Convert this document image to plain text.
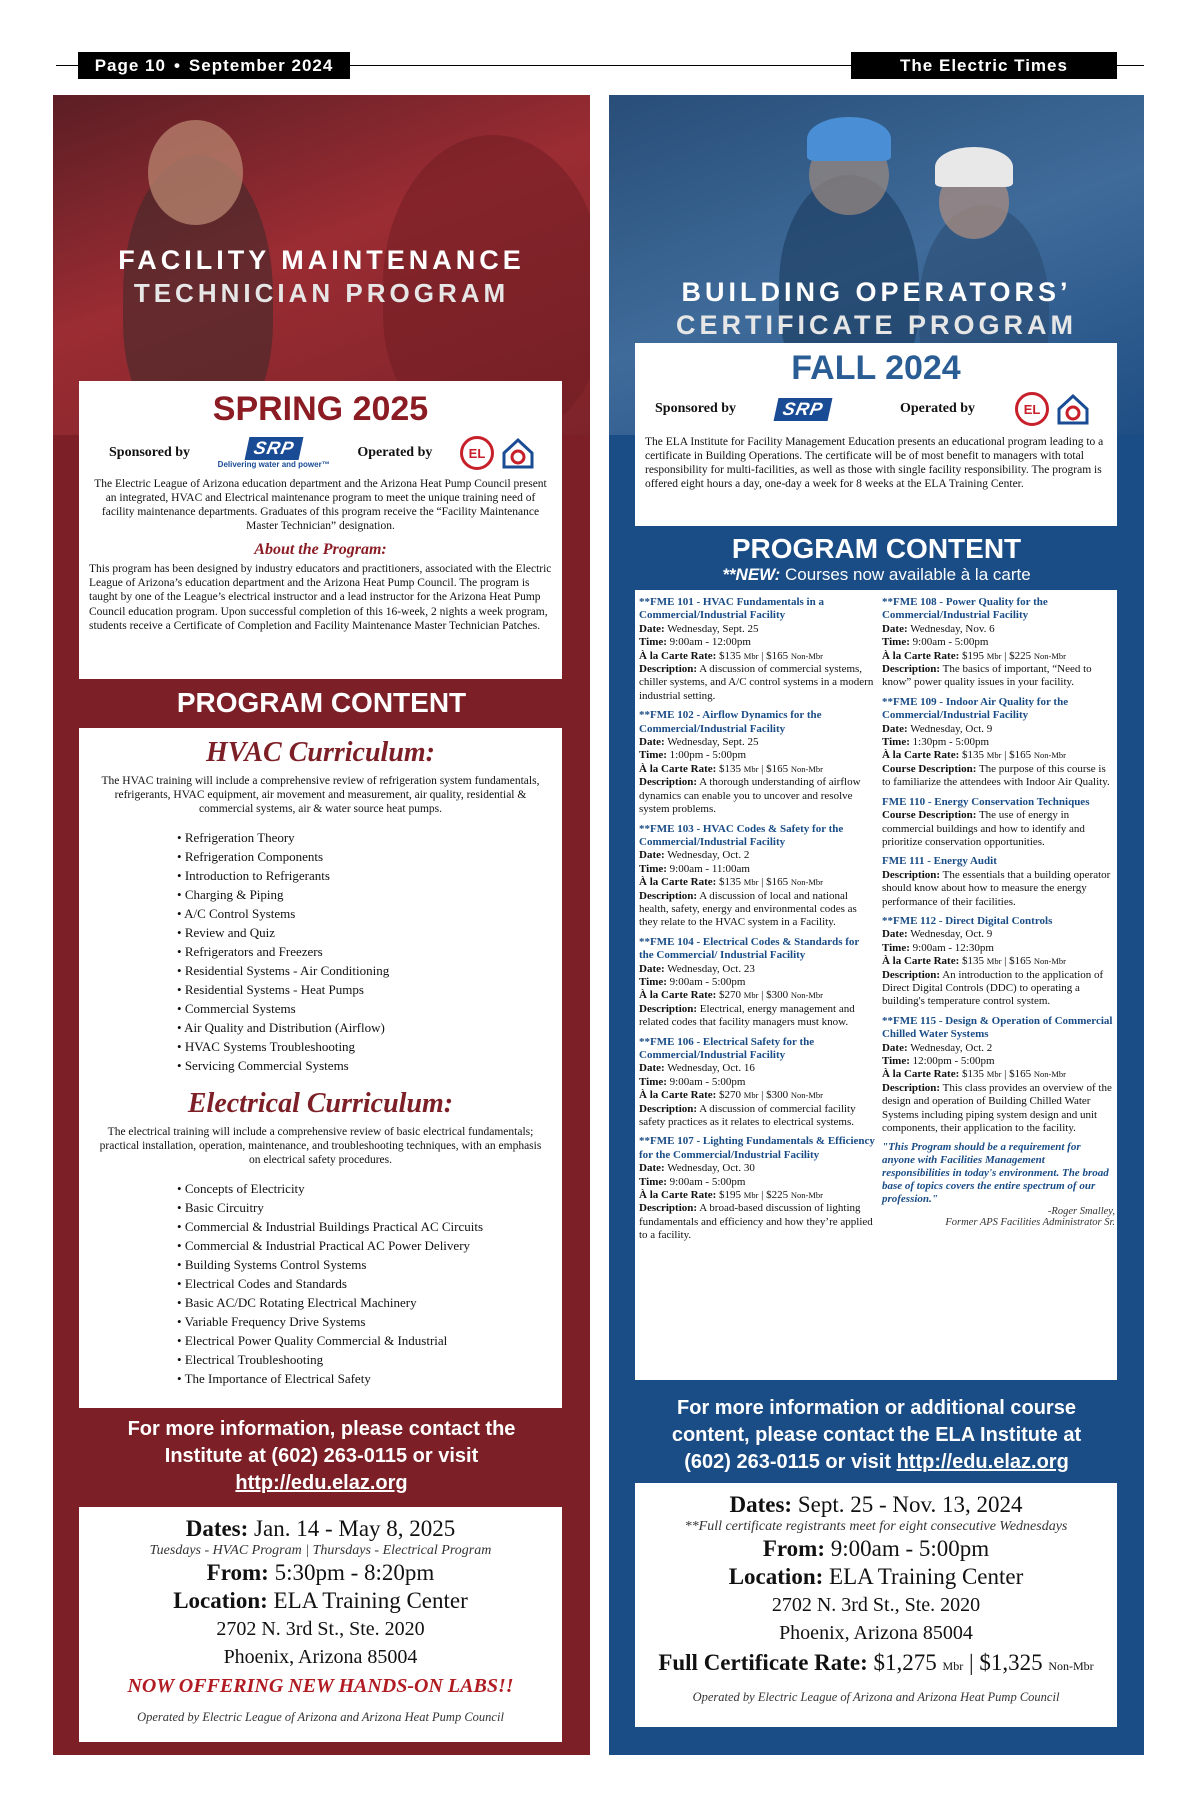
Page 10 • September 2024	The Electric Times
FACILITY MAINTENANCE
TECHNICIAN PROGRAM
SPRING 2025
Sponsored by	SRP
Delivering water and power™
Operated by	EL

The Electric League of Arizona education department and the Arizona Heat Pump Council present an integrated, HVAC and Electrical maintenance program to meet the unique training need of facility maintenance departments. Graduates of this program receive the “Facility Maintenance Master Technician” designation.

About the Program:

This program has been designed by industry educators and practitioners, associated with the Electric League of Arizona’s education department and the Arizona Heat Pump Council. The program is taught by one of the League’s electrical instructor and a lead instructor for the Arizona Heat Pump Council education program. Upon successful completion of this 16-week, 2 nights a week program, students receive a Certificate of Completion and Facility Maintenance Master Technician Patches.

PROGRAM CONTENT
HVAC Curriculum:

The HVAC training will include a comprehensive review of refrigeration system fundamentals, refrigerants, HVAC equipment, air movement and measurement, air quality, residential & commercial systems, air & water source heat pumps.

• Refrigeration Theory
• Refrigeration Components
• Introduction to Refrigerants
• Charging & Piping
• A/C Control Systems
• Review and Quiz
• Refrigerators and Freezers
• Residential Systems - Air Conditioning
• Residential Systems - Heat Pumps
• Commercial Systems
• Air Quality and Distribution (Airflow)
• HVAC Systems Troubleshooting
• Servicing Commercial Systems
Electrical Curriculum:

The electrical training will include a comprehensive review of basic electrical fundamentals; practical installation, operation, maintenance, and troubleshooting techniques, with an emphasis on electrical safety procedures.

• Concepts of Electricity
• Basic Circuitry
• Commercial & Industrial Buildings Practical AC Circuits
• Commercial & Industrial Practical AC Power Delivery
• Building Systems Control Systems
• Electrical Codes and Standards
• Basic AC/DC Rotating Electrical Machinery
• Variable Frequency Drive Systems
• Electrical Power Quality Commercial & Industrial
• Electrical Troubleshooting
• The Importance of Electrical Safety
For more information, please contact the
Institute at (602) 263-0115 or visit
http://edu.elaz.org
Dates: Jan. 14 - May 8, 2025
Tuesdays - HVAC Program | Thursdays - Electrical Program
From: 5:30pm - 8:20pm
Location: ELA Training Center
2702 N. 3rd St., Ste. 2020
Phoenix, Arizona 85004
NOW OFFERING NEW HANDS-ON LABS!!
Operated by Electric League of Arizona and Arizona Heat Pump Council
BUILDING OPERATORS’
CERTIFICATE PROGRAM
FALL 2024
Sponsored by	SRP	Operated by	EL

The ELA Institute for Facility Management Education presents an educational program leading to a certificate in Building Operations. The certificate will be of most benefit to managers with total responsibility for multi-facilities, as well as those with single facility responsibility. The program is offered eight hours a day, one-day a week for 8 weeks at the ELA Training Center.

PROGRAM CONTENT
**NEW: Courses now available à la carte
**FME 101 - HVAC Fundamentals in a Commercial/Industrial Facility
Date: Wednesday, Sept. 25
Time: 9:00am - 12:00pm
À la Carte Rate: $135 Mbr | $165 Non-Mbr
Description: A discussion of commercial systems, chiller systems, and A/C control systems in a modern industrial setting.
**FME 102 - Airflow Dynamics for the Commercial/Industrial Facility
Date: Wednesday, Sept. 25
Time: 1:00pm - 5:00pm
À la Carte Rate: $135 Mbr | $165 Non-Mbr
Description: A thorough understanding of airflow dynamics can enable you to uncover and resolve system problems.
**FME 103 - HVAC Codes & Safety for the Commercial/Industrial Facility
Date: Wednesday, Oct. 2
Time: 9:00am - 11:00am
À la Carte Rate: $135 Mbr | $165 Non-Mbr
Description: A discussion of local and national health, safety, energy and environmental codes as they relate to the HVAC system in a Facility.
**FME 104 - Electrical Codes & Standards for the Commercial/ Industrial Facility
Date: Wednesday, Oct. 23
Time: 9:00am - 5:00pm
À la Carte Rate: $270 Mbr | $300 Non-Mbr
Description: Electrical, energy management and related codes that facility managers must know.
**FME 106 - Electrical Safety for the Commercial/Industrial Facility
Date: Wednesday, Oct. 16
Time: 9:00am - 5:00pm
À la Carte Rate: $270 Mbr | $300 Non-Mbr
Description: A discussion of commercial facility safety practices as it relates to electrical systems.
**FME 107 - Lighting Fundamentals & Efficiency for the Commercial/Industrial Facility
Date: Wednesday, Oct. 30
Time: 9:00am - 5:00pm
À la Carte Rate: $195 Mbr | $225 Non-Mbr
Description: A broad-based discussion of lighting fundamentals and efficiency and how they’re applied to a facility.
**FME 108 - Power Quality for the Commercial/Industrial Facility
Date: Wednesday, Nov. 6
Time: 9:00am - 5:00pm
À la Carte Rate: $195 Mbr | $225 Non-Mbr
Description: The basics of important, “Need to know” power quality issues in your facility.
**FME 109 - Indoor Air Quality for the Commercial/Industrial Facility
Date: Wednesday, Oct. 9
Time: 1:30pm - 5:00pm
À la Carte Rate: $135 Mbr | $165 Non-Mbr
Course Description: The purpose of this course is to familiarize the attendees with Indoor Air Quality.
FME 110 - Energy Conservation Techniques
Course Description: The use of energy in commercial buildings and how to identify and prioritize conservation opportunities.
FME 111 - Energy Audit
Description: The essentials that a building operator should know about how to measure the energy performance of their facilities.
**FME 112 - Direct Digital Controls
Date: Wednesday, Oct. 9
Time: 9:00am - 12:30pm
À la Carte Rate: $135 Mbr | $165 Non-Mbr
Description: An introduction to the application of Direct Digital Controls (DDC) to operating a building's temperature control system.
**FME 115 - Design & Operation of Commercial Chilled Water Systems
Date: Wednesday, Oct. 2
Time: 12:00pm - 5:00pm
À la Carte Rate: $135 Mbr | $165 Non-Mbr
Description: This class provides an overview of the design and operation of Building Chilled Water Systems including piping system design and unit components, their application to the facility.
"This Program should be a requirement for anyone with Facilities Management responsibilities in today's environment. The broad base of topics covers the entire spectrum of our profession."
-Roger Smalley,
Former APS Facilities Administrator Sr.
For more information or additional course
content, please contact the ELA Institute at
(602) 263-0115 or visit http://edu.elaz.org
Dates: Sept. 25 - Nov. 13, 2024
**Full certificate registrants meet for eight consecutive Wednesdays
From: 9:00am - 5:00pm
Location: ELA Training Center
2702 N. 3rd St., Ste. 2020
Phoenix, Arizona 85004
Full Certificate Rate: $1,275 Mbr | $1,325 Non-Mbr
Operated by Electric League of Arizona and Arizona Heat Pump Council
